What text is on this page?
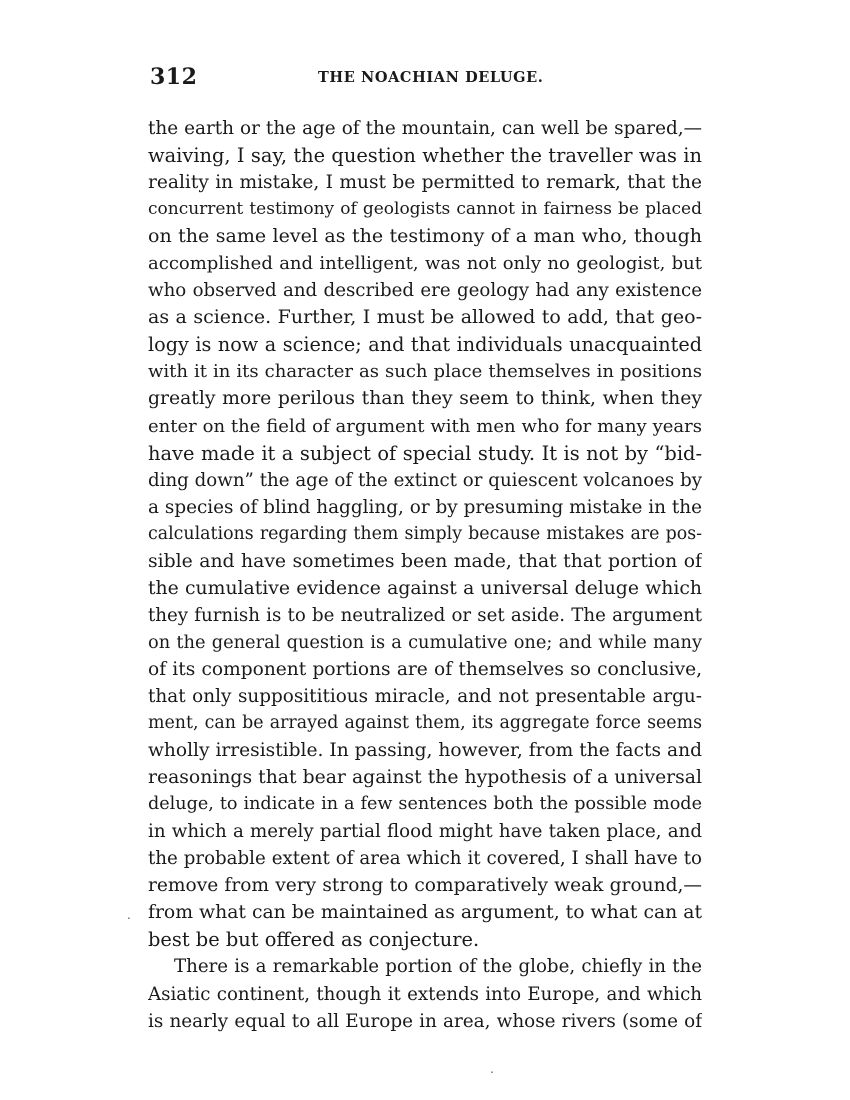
312	THE NOACHIAN DELUGE.
the earth or the age of the mountain, can well be spared,—
waiving, I say, the question whether the traveller was in
reality in mistake, I must be permitted to remark, that the
concurrent testimony of geologists cannot in fairness be placed
on the same level as the testimony of a man who, though
accomplished and intelligent, was not only no geologist, but
who observed and described ere geology had any existence
as a science. Further, I must be allowed to add, that geo-
logy is now a science; and that individuals unacquainted
with it in its character as such place themselves in positions
greatly more perilous than they seem to think, when they
enter on the field of argument with men who for many years
have made it a subject of special study. It is not by “bid-
ding down” the age of the extinct or quiescent volcanoes by
a species of blind haggling, or by presuming mistake in the
calculations regarding them simply because mistakes are pos-
sible and have sometimes been made, that that portion of
the cumulative evidence against a universal deluge which
they furnish is to be neutralized or set aside. The argument
on the general question is a cumulative one; and while many
of its component portions are of themselves so conclusive,
that only supposititious miracle, and not presentable argu-
ment, can be arrayed against them, its aggregate force seems
wholly irresistible. In passing, however, from the facts and
reasonings that bear against the hypothesis of a universal
deluge, to indicate in a few sentences both the possible mode
in which a merely partial flood might have taken place, and
the probable extent of area which it covered, I shall have to
remove from very strong to comparatively weak ground,—
from what can be maintained as argument, to what can at
best be but offered as conjecture.
There is a remarkable portion of the globe, chiefly in the
Asiatic continent, though it extends into Europe, and which
is nearly equal to all Europe in area, whose rivers (some of
.
.
